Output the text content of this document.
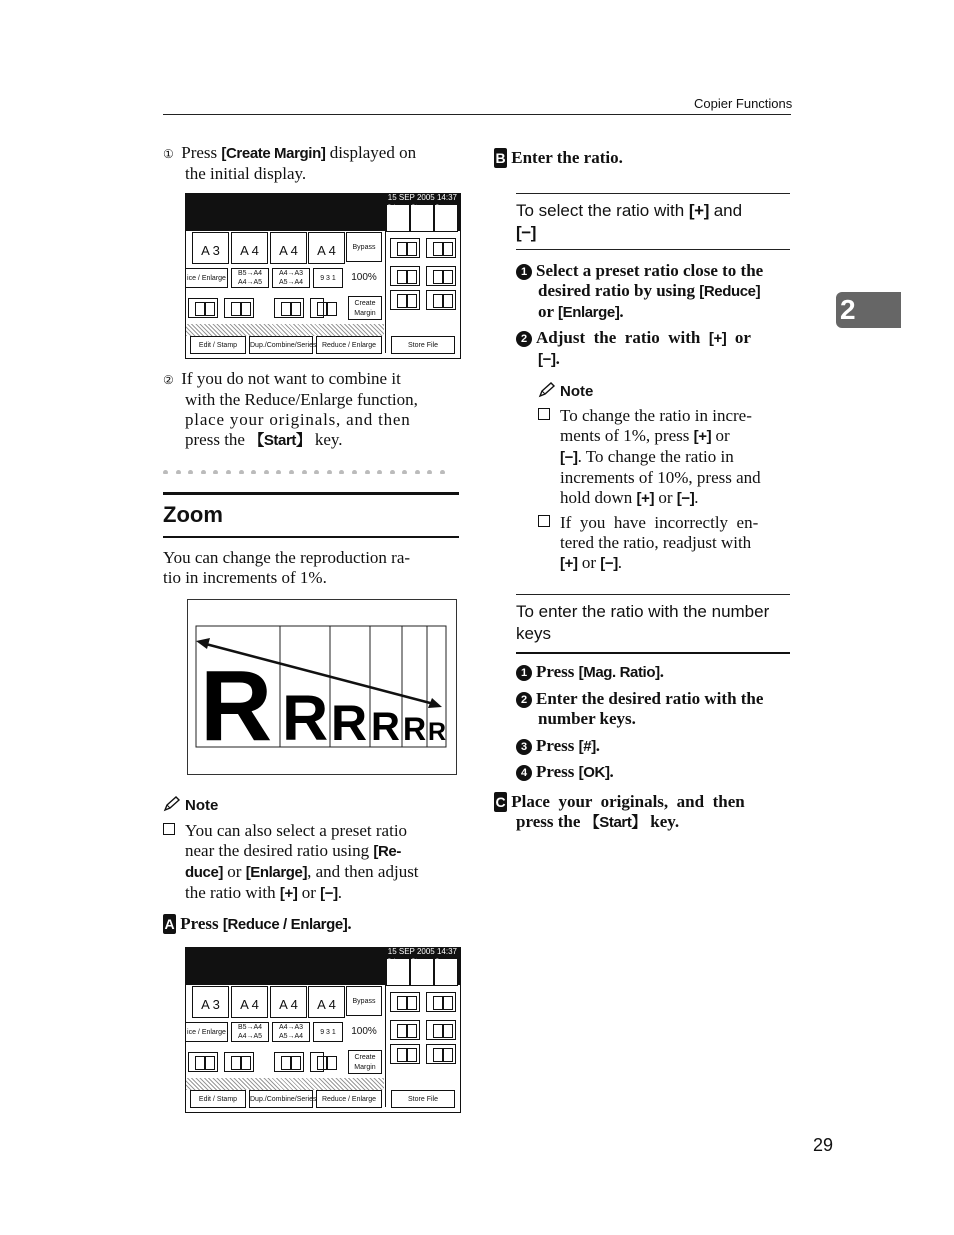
Copier Functions
2

① Press [Create Margin] displayed on

the initial display.

15 SEP 2005 14:37
Orig
0
Qty
1
Copy
0
A 3	A 4	A 4	A 4	Bypass
ice / Enlarge
B5→A4
A4→A5
A4→A3
A5→A4
9 3 1	100%
Create
Margin
Edit / Stamp	Dup./Combine/Series Reduce / Enlarge	Store File

② If you do not want to combine it

with the Reduce/Enlarge function,

place your originals, and then

press the 【Start】 key.

Zoom

You can change the reproduction ra-

tio in increments of 1%.

R R R R R R
Note

You can also select a preset ratio

near the desired ratio using [Re-

duce] or [Enlarge], and then adjust

the ratio with [+] or [−].

A Press [Reduce / Enlarge].
15 SEP 2005 14:37
Orig
0
Qty
1
Copy
0
A 3	A 4	A 4	A 4	Bypass
ice / Enlarge
B5→A4
A4→A5
A4→A3
A5→A4
9 3 1	100%
Create
Margin
Edit / Stamp	Dup./Combine/Series Reduce / Enlarge	Store File
B Enter the ratio.

To select the ratio with [+] and

[−]

1 Select a preset ratio close to the

desired ratio by using [Reduce]

or [Enlarge].

2 Adjust  the  ratio  with  [+]  or

[−].

Note

To change the ratio in incre-

ments of 1%, press [+] or

[−]. To change the ratio in

increments of 10%, press and

hold down [+] or [−].

If  you  have  incorrectly  en-

tered the ratio, readjust with

[+] or [−].

To enter the ratio with the number

keys

1 Press [Mag. Ratio].

2 Enter the desired ratio with the

number keys.

3 Press [#].

4 Press [OK].

C Place  your  originals,  and  then

press the 【Start】 key.

29
